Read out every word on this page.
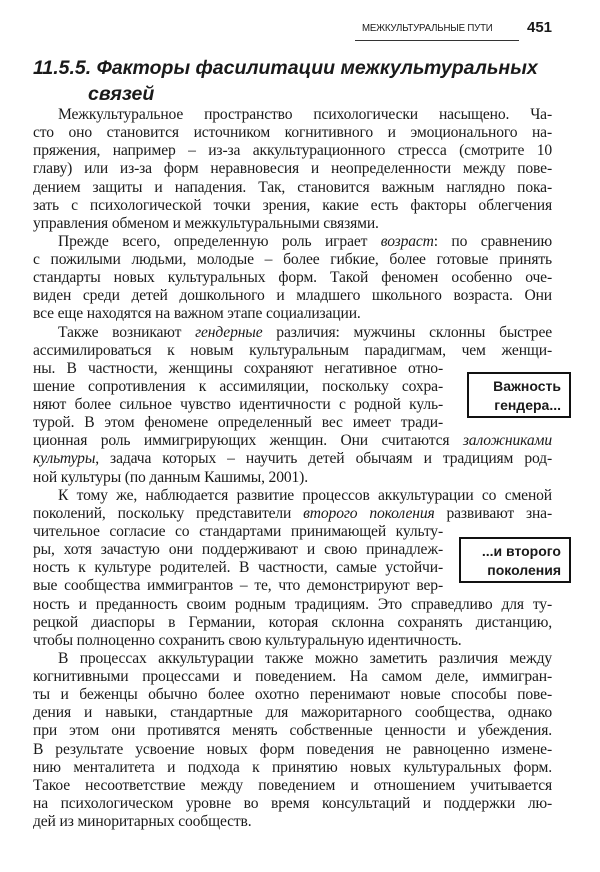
МЕЖКУЛЬТУРАЛЬНЫЕ ПУТИ 451
11.5.5. Факторы фасилитации межкультуральных
связей
Межкультуральное пространство психологически насыщено. Ча-
сто оно становится источником когнитивного и эмоционального на-
пряжения, например – из-за аккультурационного стресса (смотрите 10
главу) или из-за форм неравновесия и неопределенности между пове-
дением защиты и нападения. Так, становится важным наглядно пока-
зать с психологической точки зрения, какие есть факторы облегчения
управления обменом и межкультуральными связями.
Прежде всего, определенную роль играет возраст: по сравнению
с пожилыми людьми, молодые – более гибкие, более готовые принять
стандарты новых культуральных форм. Такой феномен особенно оче-
виден среди детей дошкольного и младшего школьного возраста. Они
все еще находятся на важном этапе социализации.
Также возникают гендерные различия: мужчины склонны быстрее
ассимилироваться к новым культуральным парадигмам, чем женщи-
ны. В частности, женщины сохраняют негативное отно-
шение сопротивления к ассимиляции, поскольку сохра-
няют более сильное чувство идентичности с родной куль-
турой. В этом феномене определенный вес имеет тради-
ционная роль иммигрирующих женщин. Они считаются заложниками
культуры, задача которых – научить детей обычаям и традициям род-
ной культуры (по данным Кашимы, 2001).
К тому же, наблюдается развитие процессов аккультурации со сменой
поколений, поскольку представители второго поколения развивают зна-
чительное согласие со стандартами принимающей культу-
ры, хотя зачастую они поддерживают и свою принадлеж-
ность к культуре родителей. В частности, самые устойчи-
вые сообщества иммигрантов – те, что демонстрируют вер-
ность и преданность своим родным традициям. Это справедливо для ту-
рецкой диаспоры в Германии, которая склонна сохранять дистанцию,
чтобы полноценно сохранить свою культуральную идентичность.
В процессах аккультурации также можно заметить различия между
когнитивными процессами и поведением. На самом деле, иммигран-
ты и беженцы обычно более охотно перенимают новые способы пове-
дения и навыки, стандартные для мажоритарного сообщества, однако
при этом они противятся менять собственные ценности и убеждения.
В результате усвоение новых форм поведения не равноценно измене-
нию менталитета и подхода к принятию новых культуральных форм.
Такое несоответствие между поведением и отношением учитывается
на психологическом уровне во время консультаций и поддержки лю-
дей из миноритарных сообществ.
Важность
гендера...
...и второго
поколения
